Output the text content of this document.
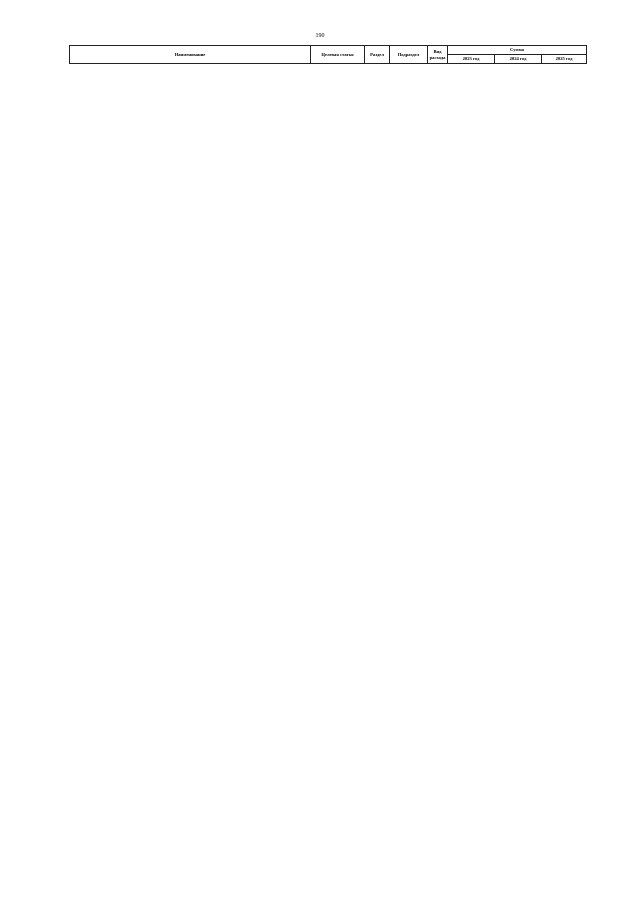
190
Наименование	Целевая статья	Раздел	Подраздел	Вид расхода	Сумма		
					2023 год	2024 год	2025 год
